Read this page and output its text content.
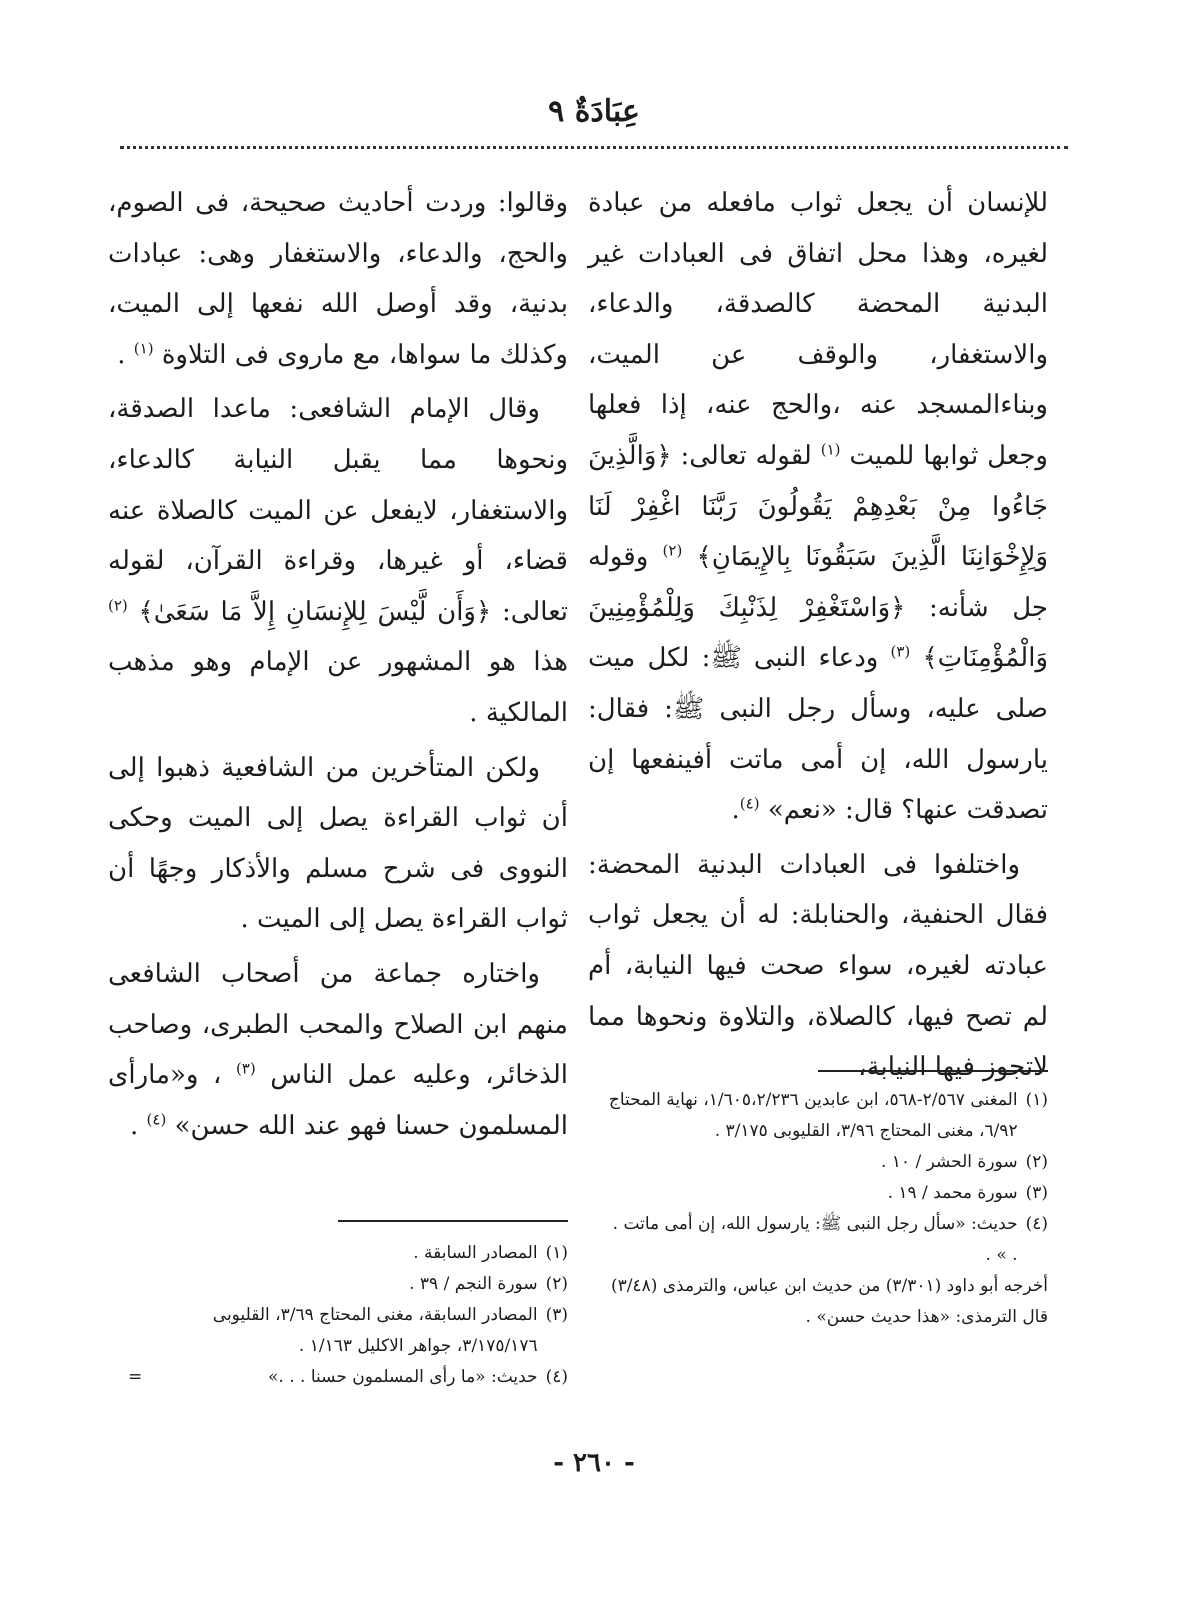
عِبَادَةٌ ٩

للإنسان أن يجعل ثواب مافعله من عبادة لغيره، وهذا محل اتفاق فى العبادات غير البدنية المحضة كالصدقة، والدعاء، والاستغفار، والوقف عن الميت، وبناءالمسجد عنه ،والحج عنه، إذا فعلها وجعل ثوابها للميت $^{(١)}$ لقوله تعالى: ﴿وَالَّذِينَ جَاءُوا مِنْ بَعْدِهِمْ يَقُولُونَ رَبَّنَا اغْفِرْ لَنَا وَلِإِخْوَانِنَا الَّذِينَ سَبَقُونَا بِالإِيمَانِ﴾ $^{(٢)}$ وقوله جل شأنه: ﴿وَاسْتَغْفِرْ لِذَنْبِكَ وَلِلْمُؤْمِنِينَ وَالْمُؤْمِنَاتِ﴾ $^{(٣)}$ ودعاء النبى ﷺ: لكل ميت صلى عليه، وسأل رجل النبى ﷺ: فقال: يارسول الله، إن أمى ماتت أفينفعها إن تصدقت عنها؟ قال: «نعم» $^{(٤)}$.

واختلفوا فى العبادات البدنية المحضة: فقال الحنفية، والحنابلة: له أن يجعل ثواب عبادته لغيره، سواء صحت فيها النيابة، أم لم تصح فيها، كالصلاة، والتلاوة ونحوها مما لاتجوز فيها النيابة،

وقالوا: وردت أحاديث صحيحة، فى الصوم، والحج، والدعاء، والاستغفار وهى: عبادات بدنية، وقد أوصل الله نفعها إلى الميت، وكذلك ما سواها، مع ماروى فى التلاوة $^{(١)}$ .

وقال الإمام الشافعى: ماعدا الصدقة، ونحوها مما يقبل النيابة كالدعاء، والاستغفار، لايفعل عن الميت كالصلاة عنه قضاء، أو غيرها، وقراءة القرآن، لقوله تعالى: ﴿وَأَن لَّيْسَ لِلإِنسَانِ إِلاَّ مَا سَعَىٰ﴾ $^{(٢)}$ هذا هو المشهور عن الإمام وهو مذهب المالكية .

ولكن المتأخرين من الشافعية ذهبوا إلى أن ثواب القراءة يصل إلى الميت وحكى النووى فى شرح مسلم والأذكار وجهًا أن ثواب القراءة يصل إلى الميت .

واختاره جماعة من أصحاب الشافعى منهم ابن الصلاح والمحب الطبرى، وصاحب الذخائر، وعليه عمل الناس $^{(٣)}$ ، و«مارأى المسلمون حسنا فهو عند الله حسن» $^{(٤)}$ .

(١)
المغنى ٢/٥٦٧-٥٦٨، ابن عابدين ١/٦٠٥،٢/٢٣٦، نهاية المحتاج ٦/٩٢، مغنى المحتاج ٣/٩٦، القليوبى ٣/١٧٥ .
(٢)
سورة الحشر / ١٠ .
(٣)
سورة محمد / ١٩ .
(٤)
حديث: «سأل رجل النبى ﷺ: يارسول الله، إن أمى ماتت . . » .
أخرجه أبو داود (٣/٣٠١) من حديث ابن عباس، والترمذى (٣/٤٨)
قال الترمذى: «هذا حديث حسن» .
(١)
المصادر السابقة .
(٢)
سورة النجم / ٣٩ .
(٣)
المصادر السابقة، مغنى المحتاج ٣/٦٩، القليوبى ٣/١٧٥/١٧٦، جواهر الاكليل ١/١٦٣ .
(٤)
حديث: «ما رأى المسلمون حسنا . . .»
=
- ٢٦٠ -
